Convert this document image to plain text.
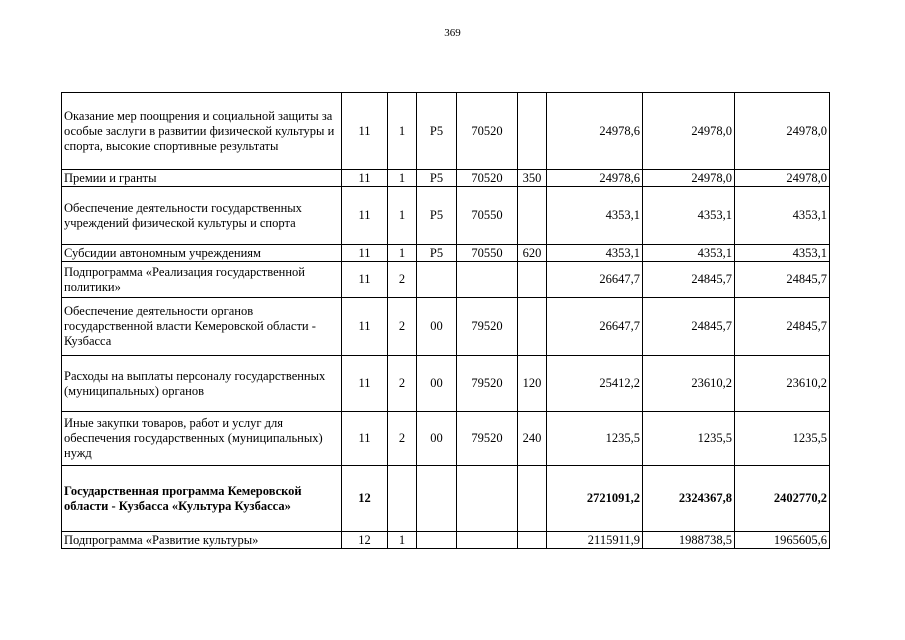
369
Оказание мер поощрения и социальной защиты за особые заслуги в развитии физической культуры и спорта, высокие спортивные результаты	11	1	P5	70520		24978,6	24978,0	24978,0
Премии и гранты	11	1	P5	70520	350	24978,6	24978,0	24978,0
Обеспечение деятельности государственных учреждений физической культуры и спорта	11	1	P5	70550		4353,1	4353,1	4353,1
Субсидии автономным учреждениям	11	1	P5	70550	620	4353,1	4353,1	4353,1
Подпрограмма «Реализация государственной политики»	11	2				26647,7	24845,7	24845,7
Обеспечение деятельности органов государственной власти Кемеровской области - Кузбасса	11	2	00	79520		26647,7	24845,7	24845,7
Расходы на выплаты персоналу государственных (муниципальных) органов	11	2	00	79520	120	25412,2	23610,2	23610,2
Иные закупки товаров, работ и услуг для обеспечения государственных (муниципальных) нужд	11	2	00	79520	240	1235,5	1235,5	1235,5
Государственная программа Кемеровской области - Кузбасса «Культура Кузбасса»	12					2721091,2	2324367,8	2402770,2
Подпрограмма «Развитие культуры»	12	1				2115911,9	1988738,5	1965605,6
